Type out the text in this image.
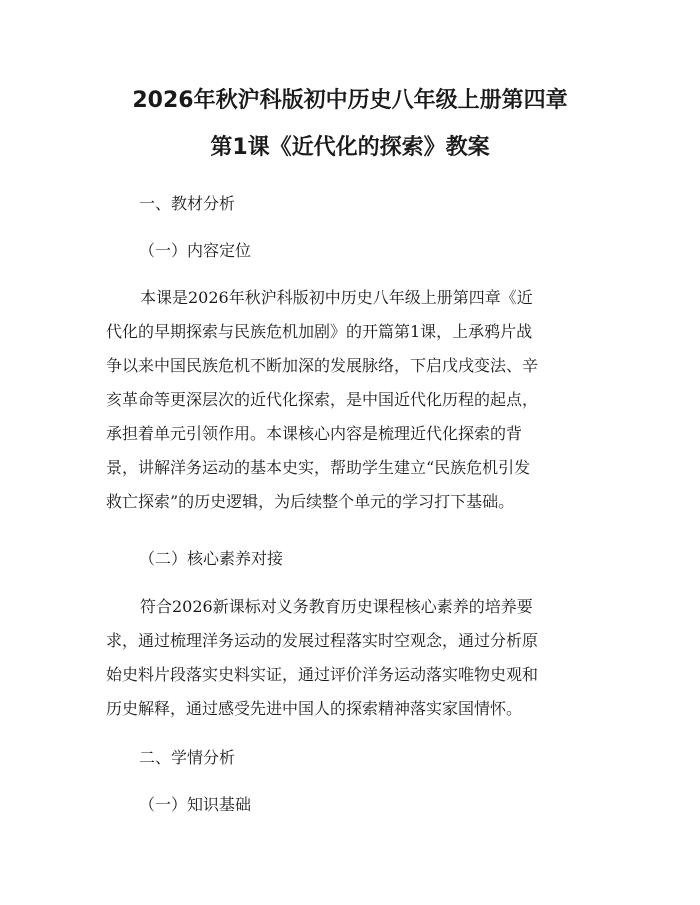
2026年秋沪科版初中历史八年级上册第四章
第1课《近代化的探索》教案
一、教材分析
（一）内容定位
本课是2026年秋沪科版初中历史八年级上册第四章《近
代化的早期探索与民族危机加剧》的开篇第1课，上承鸦片战
争以来中国民族危机不断加深的发展脉络，下启戊戌变法、辛
亥革命等更深层次的近代化探索，是中国近代化历程的起点，
承担着单元引领作用。本课核心内容是梳理近代化探索的背
景，讲解洋务运动的基本史实，帮助学生建立“民族危机引发
救亡探索”的历史逻辑，为后续整个单元的学习打下基础。
（二）核心素养对接
符合2026新课标对义务教育历史课程核心素养的培养要
求，通过梳理洋务运动的发展过程落实时空观念，通过分析原
始史料片段落实史料实证，通过评价洋务运动落实唯物史观和
历史解释，通过感受先进中国人的探索精神落实家国情怀。
二、学情分析
（一）知识基础
